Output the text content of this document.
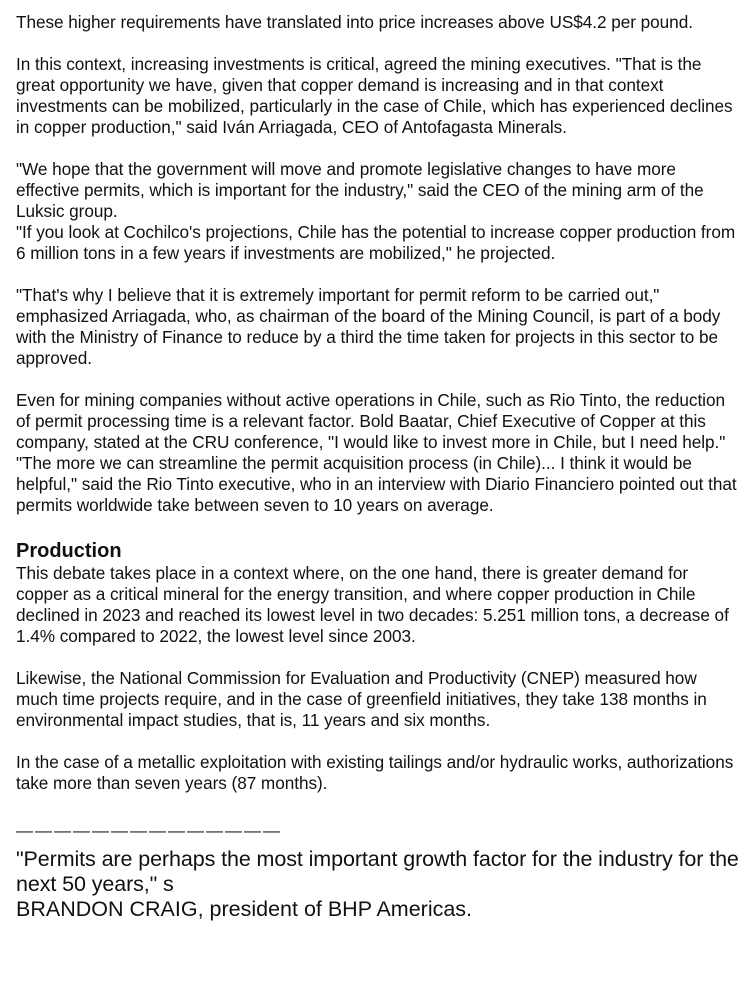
These higher requirements have translated into price increases above US$4.2 per pound.

In this context, increasing investments is critical, agreed the mining executives. "That is the great opportunity we have, given that copper demand is increasing and in that context investments can be mobilized, particularly in the case of Chile, which has experienced declines in copper production," said Iván Arriagada, CEO of Antofagasta Minerals.

"We hope that the government will move and promote legislative changes to have more effective permits, which is important for the industry," said the CEO of the mining arm of the Luksic group.

"If you look at Cochilco's projections, Chile has the potential to increase copper production from 6 million tons in a few years if investments are mobilized," he projected.

"That's why I believe that it is extremely important for permit reform to be carried out," emphasized Arriagada, who, as chairman of the board of the Mining Council, is part of a body with the Ministry of Finance to reduce by a third the time taken for projects in this sector to be approved.

Even for mining companies without active operations in Chile, such as Rio Tinto, the reduction of permit processing time is a relevant factor. Bold Baatar, Chief Executive of Copper at this company, stated at the CRU conference, "I would like to invest more in Chile, but I need help." "The more we can streamline the permit acquisition process (in Chile)... I think it would be helpful," said the Rio Tinto executive, who in an interview with Diario Financiero pointed out that permits worldwide take between seven to 10 years on average.

Production

This debate takes place in a context where, on the one hand, there is greater demand for copper as a critical mineral for the energy transition, and where copper production in Chile declined in 2023 and reached its lowest level in two decades: 5.251 million tons, a decrease of 1.4% compared to 2022, the lowest level since 2003.

Likewise, the National Commission for Evaluation and Productivity (CNEP) measured how much time projects require, and in the case of greenfield initiatives, they take 138 months in environmental impact studies, that is, 11 years and six months.

In the case of a metallic exploitation with existing tailings and/or hydraulic works, authorizations take more than seven years (87 months).

——————————————

"Permits are perhaps the most important growth factor for the industry for the next 50 years," s

BRANDON CRAIG, president of BHP Americas.
